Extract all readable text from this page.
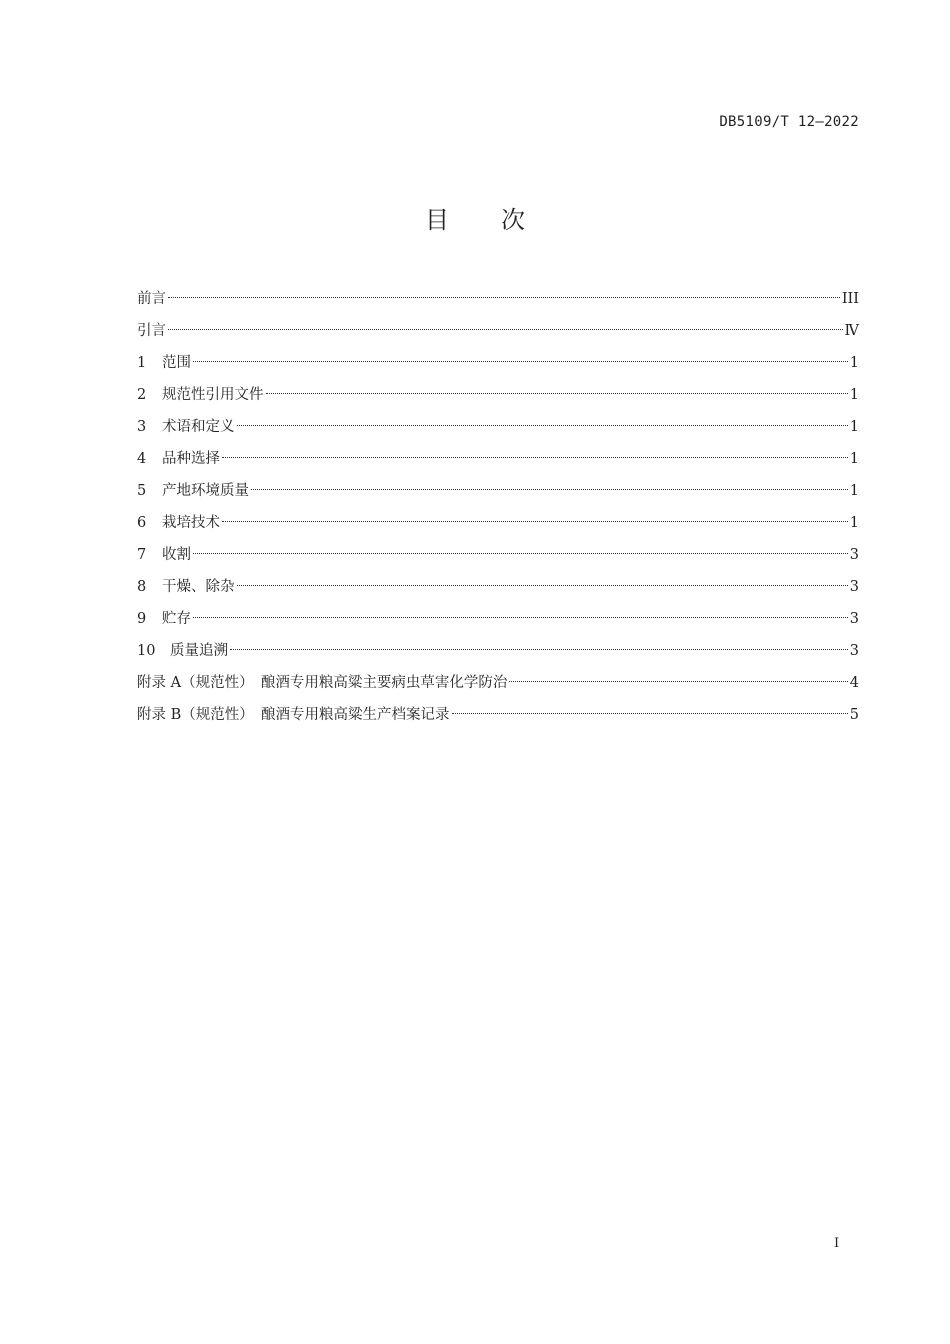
DB5109/T 12—2022
目 次
前言	III
引言	Ⅳ
1	范围	1
2	规范性引用文件	1
3	术语和定义	1
4	品种选择	1
5	产地环境质量	1
6	栽培技术	1
7	收割	3
8	干燥、除杂	3
9	贮存	3
10	质量追溯	3
附录 A（规范性）　酿酒专用粮高粱主要病虫草害化学防治	4
附录 B（规范性）　酿酒专用粮高粱生产档案记录	5
I
